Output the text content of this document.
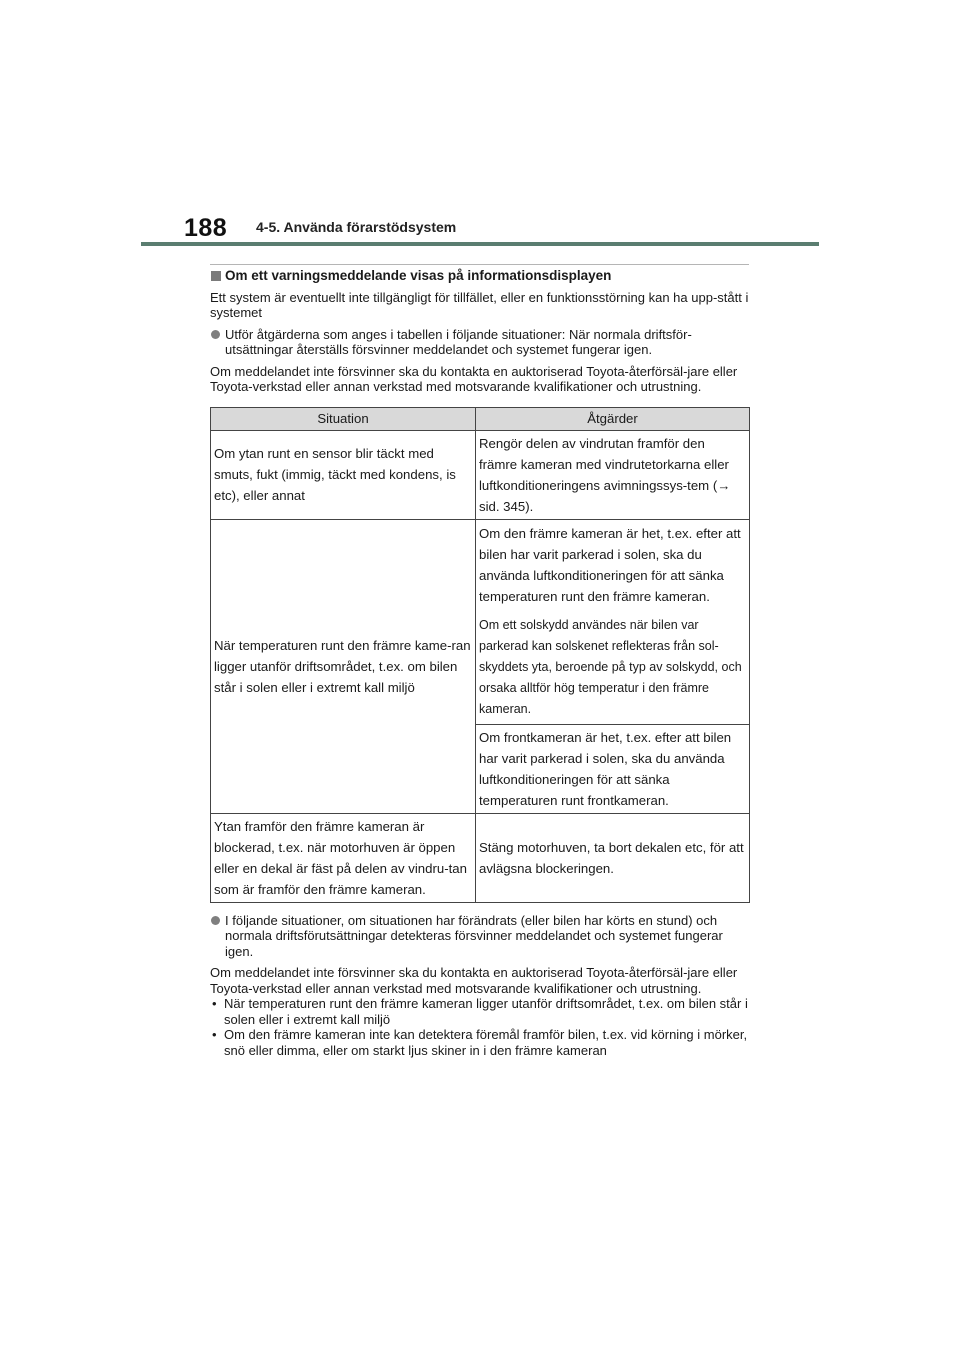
188 4-5. Använda förarstödsystem
Om ett varningsmeddelande visas på informationsdisplayen

Ett system är eventuellt inte tillgängligt för tillfället, eller en funktionsstörning kan ha upp-stått i systemet

Utför åtgärderna som anges i tabellen i följande situationer: När normala driftsför-utsättningar återställs försvinner meddelandet och systemet fungerar igen.

Om meddelandet inte försvinner ska du kontakta en auktoriserad Toyota-återförsäl-jare eller Toyota-verkstad eller annan verkstad med motsvarande kvalifikationer och utrustning.

Situation	Åtgärder
Om ytan runt en sensor blir täckt med smuts, fukt (immig, täckt med kondens, is etc), eller annat	Rengör delen av vindrutan framför den främre kameran med vindrutetorkarna eller luftkonditioneringens avimningssys-tem (→ sid. 345).
När temperaturen runt den främre kame-ran ligger utanför driftsområdet, t.ex. om bilen står i solen eller i extremt kall miljö	Om den främre kameran är het, t.ex. efter att bilen har varit parkerad i solen, ska du använda luftkonditioneringen för att sänka temperaturen runt den främre kameran.

Om ett solskydd användes när bilen var parkerad kan solskenet reflekteras från sol-skyddets yta, beroende på typ av solskydd, och orsaka alltför hög temperatur i den främre kameran.

	Om frontkameran är het, t.ex. efter att bilen har varit parkerad i solen, ska du använda luftkonditioneringen för att sänka temperaturen runt frontkameran.
Ytan framför den främre kameran är blockerad, t.ex. när motorhuven är öppen eller en dekal är fäst på delen av vindru-tan som är framför den främre kameran.	Stäng motorhuven, ta bort dekalen etc, för att avlägsna blockeringen.
I följande situationer, om situationen har förändrats (eller bilen har körts en stund) och normala driftsförutsättningar detekteras försvinner meddelandet och systemet fungerar igen.

Om meddelandet inte försvinner ska du kontakta en auktoriserad Toyota-återförsäl-jare eller Toyota-verkstad eller annan verkstad med motsvarande kvalifikationer och utrustning.

• När temperaturen runt den främre kameran ligger utanför driftsområdet, t.ex. om bilen står i solen eller i extremt kall miljö
• Om den främre kameran inte kan detektera föremål framför bilen, t.ex. vid körning i mörker, snö eller dimma, eller om starkt ljus skiner in i den främre kameran
